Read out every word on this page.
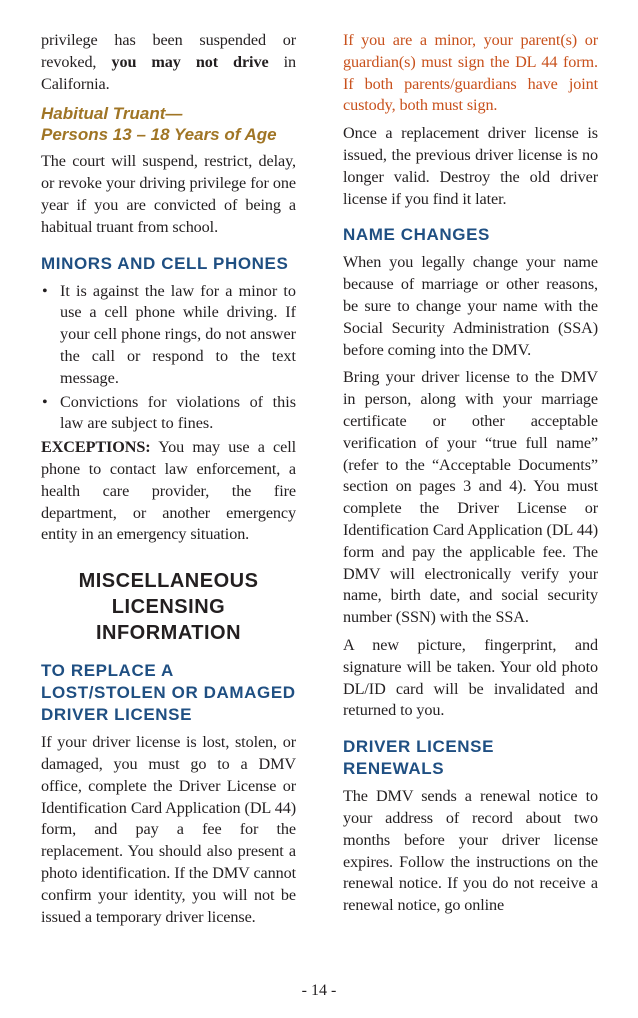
privilege has been suspended or revoked, you may not drive in California.

Habitual Truant—
Persons 13 – 18 Years of Age

The court will suspend, restrict, delay, or revoke your driving privilege for one year if you are convicted of being a habitual truant from school.

MINORS AND CELL PHONES
• It is against the law for a minor to use a cell phone while driving. If your cell phone rings, do not answer the call or respond to the text message.
• Convictions for violations of this law are subject to fines.

EXCEPTIONS: You may use a cell phone to contact law enforcement, a health care provider, the fire department, or another emergency entity in an emergency situation.

MISCELLANEOUS
LICENSING INFORMATION
TO REPLACE A LOST/STOLEN OR DAMAGED DRIVER LICENSE

If your driver license is lost, stolen, or damaged, you must go to a DMV office, complete the Driver License or Identification Card Application (DL 44) form, and pay a fee for the replacement. You should also present a photo identification. If the DMV cannot confirm your identity, you will not be issued a temporary driver license.

If you are a minor, your parent(s) or guardian(s) must sign the DL 44 form. If both parents/guardians have joint custody, both must sign.

Once a replacement driver license is issued, the previous driver license is no longer valid. Destroy the old driver license if you find it later.

NAME CHANGES

When you legally change your name because of marriage or other reasons, be sure to change your name with the Social Security Administration (SSA) before coming into the DMV.

Bring your driver license to the DMV in person, along with your marriage certificate or other acceptable verification of your “true full name” (refer to the “Acceptable Documents” section on pages 3 and 4). You must complete the Driver License or Identification Card Application (DL 44) form and pay the applicable fee. The DMV will electronically verify your name, birth date, and social security number (SSN) with the SSA.

A new picture, fingerprint, and signature will be taken. Your old photo DL/ID card will be invalidated and returned to you.

DRIVER LICENSE RENEWALS

The DMV sends a renewal notice to your address of record about two months before your driver license expires. Follow the instructions on the renewal notice. If you do not receive a renewal notice, go online

- 14 -
